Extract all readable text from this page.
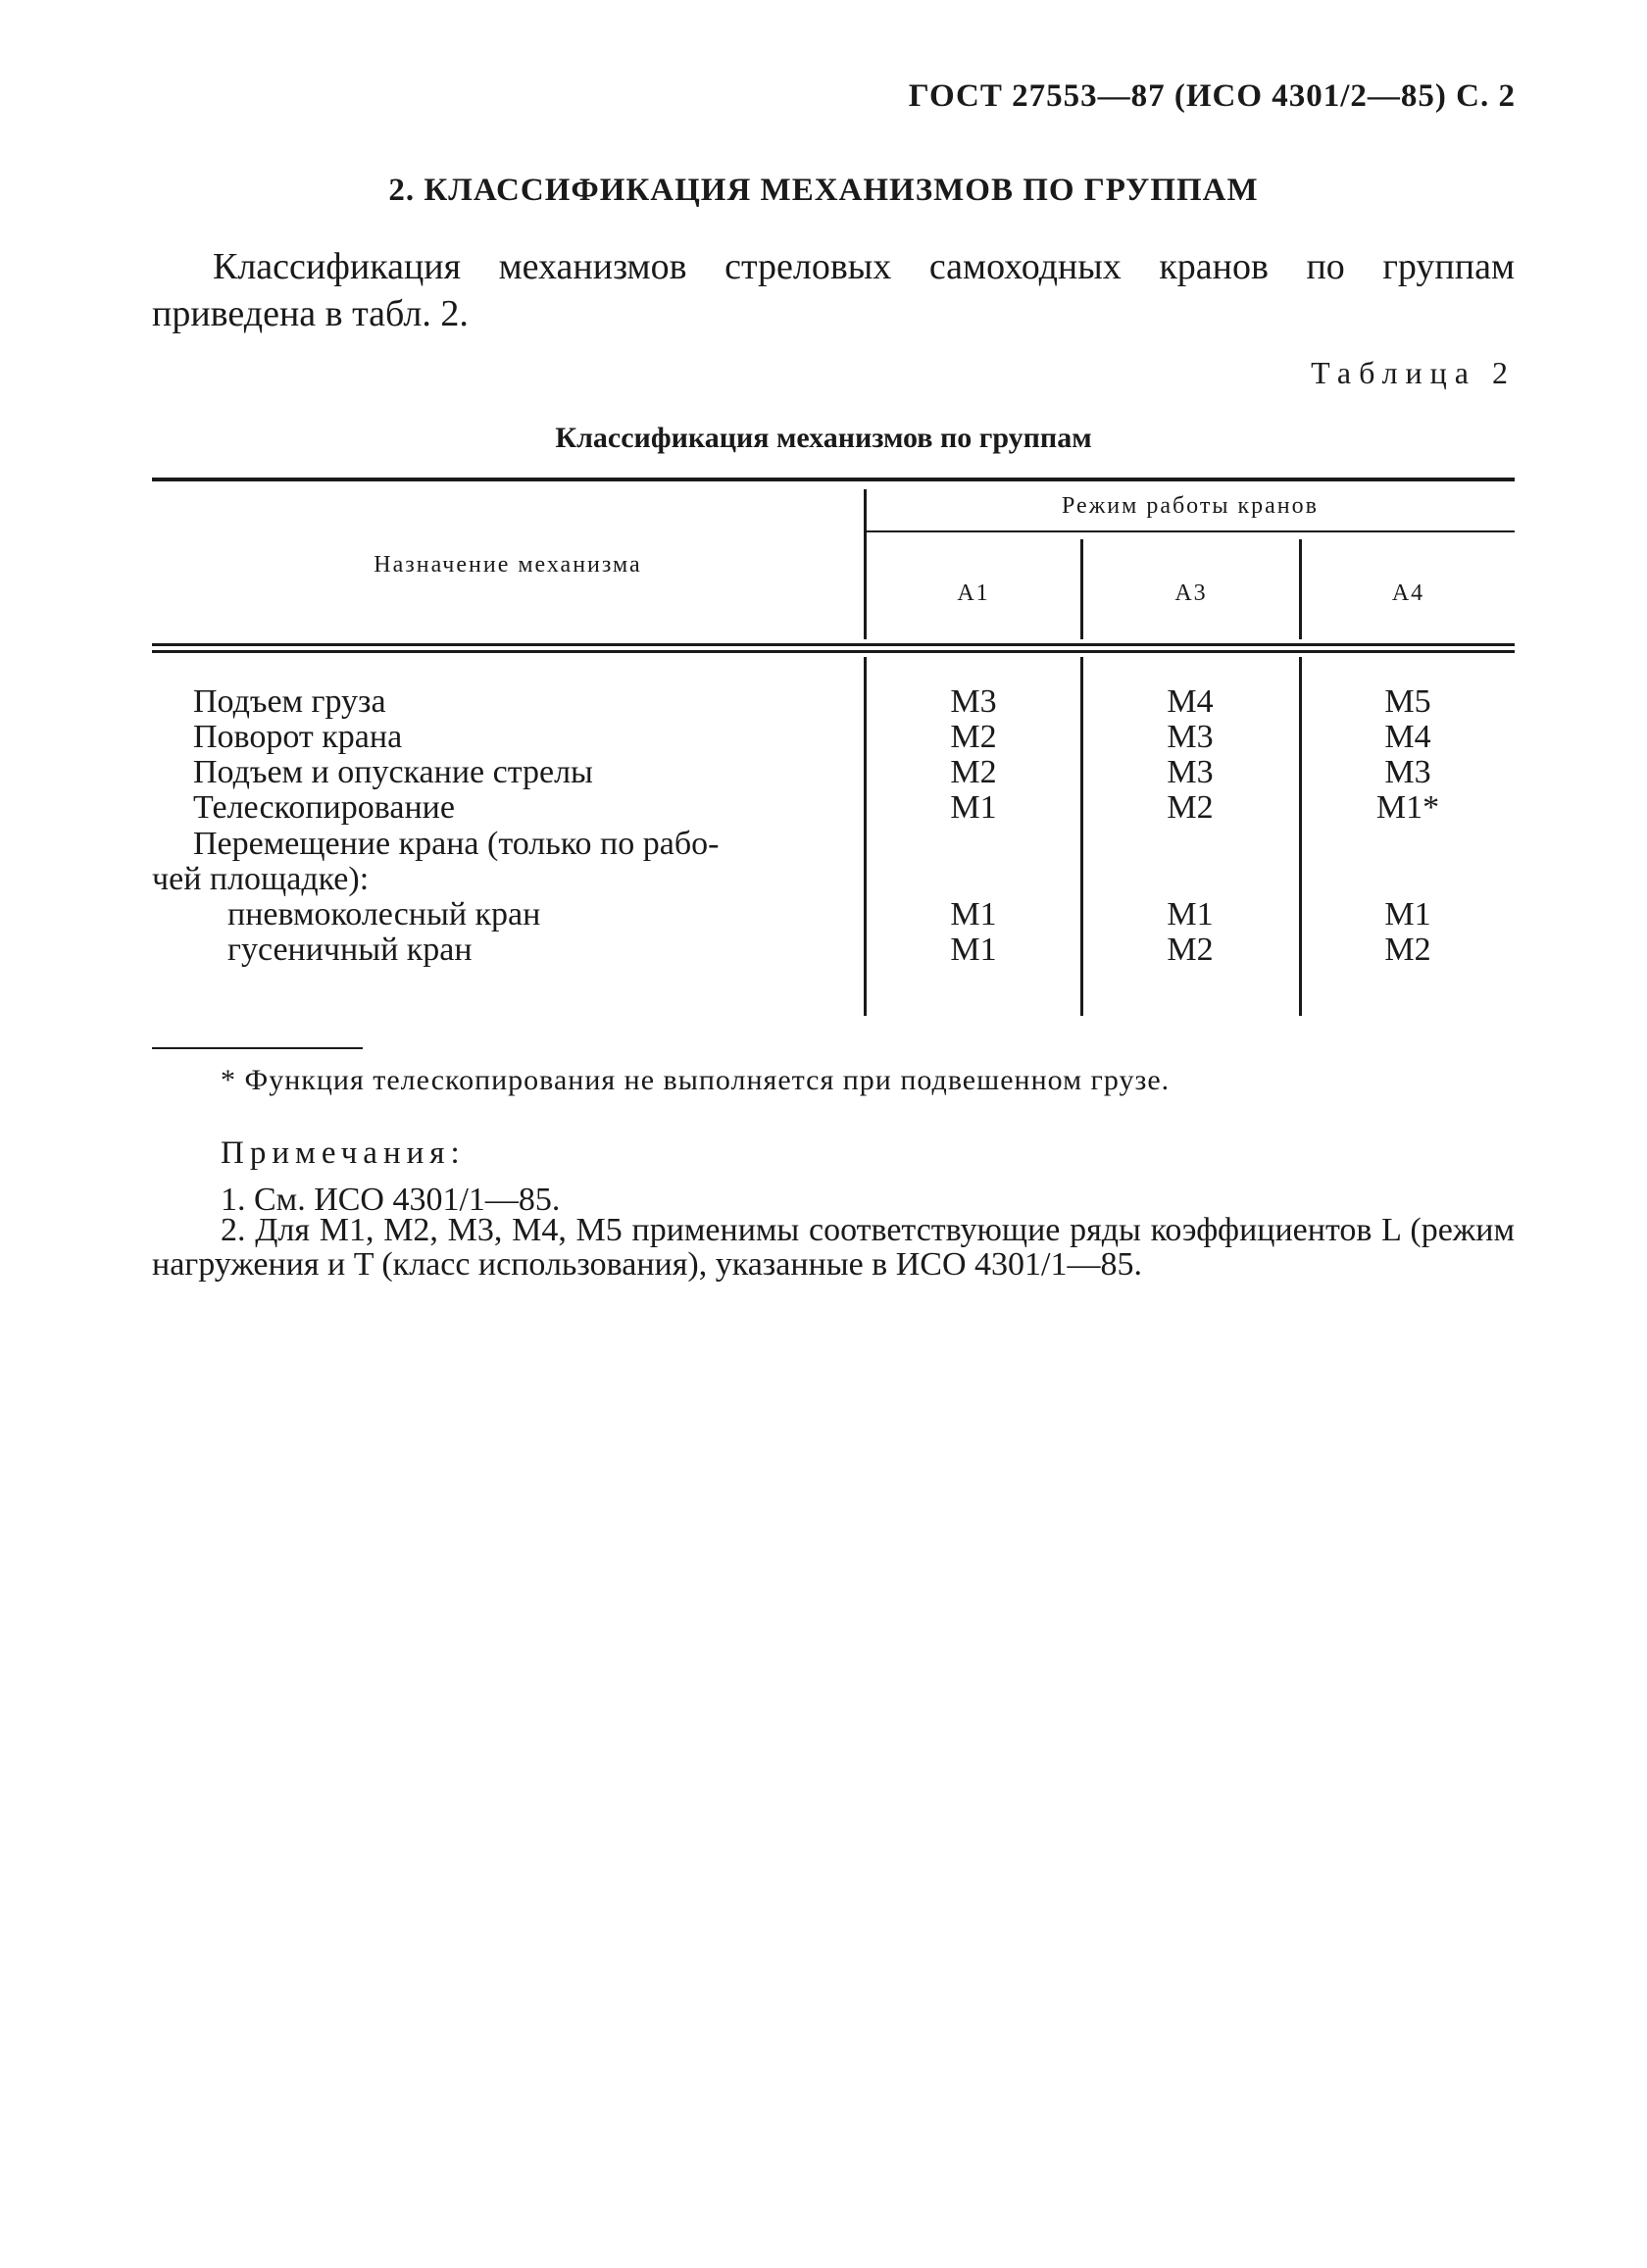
ГОСТ 27553—87 (ИСО 4301/2—85) С. 2
2. КЛАССИФИКАЦИЯ МЕХАНИЗМОВ ПО ГРУППАМ

Классификация механизмов стреловых самоходных кранов по группам приведена в табл. 2.

Таблица 2
Классификация механизмов по группам
Назначение механизма
Режим работы кранов
А1	А3	А4
Подъем груза	М3	М4	М5
Поворот крана	М2	М3	М4
Подъем и опускание стрелы	М2	М3	М3
Телескопирование	М1	М2	М1*
Перемещение крана (только по рабо-
чей площадке):
пневмоколесный кран	М1	М1	М1
гусеничный кран	М1	М2	М2
* Функция телескопирования не выполняется при подвешенном грузе.
Примечания:
1. См. ИСО 4301/1—85.

2. Для М1, М2, М3, М4, М5 применимы соответствующие ряды коэффициентов L (режим нагружения и T (класс использования), указанные в ИСО 4301/1—85.
